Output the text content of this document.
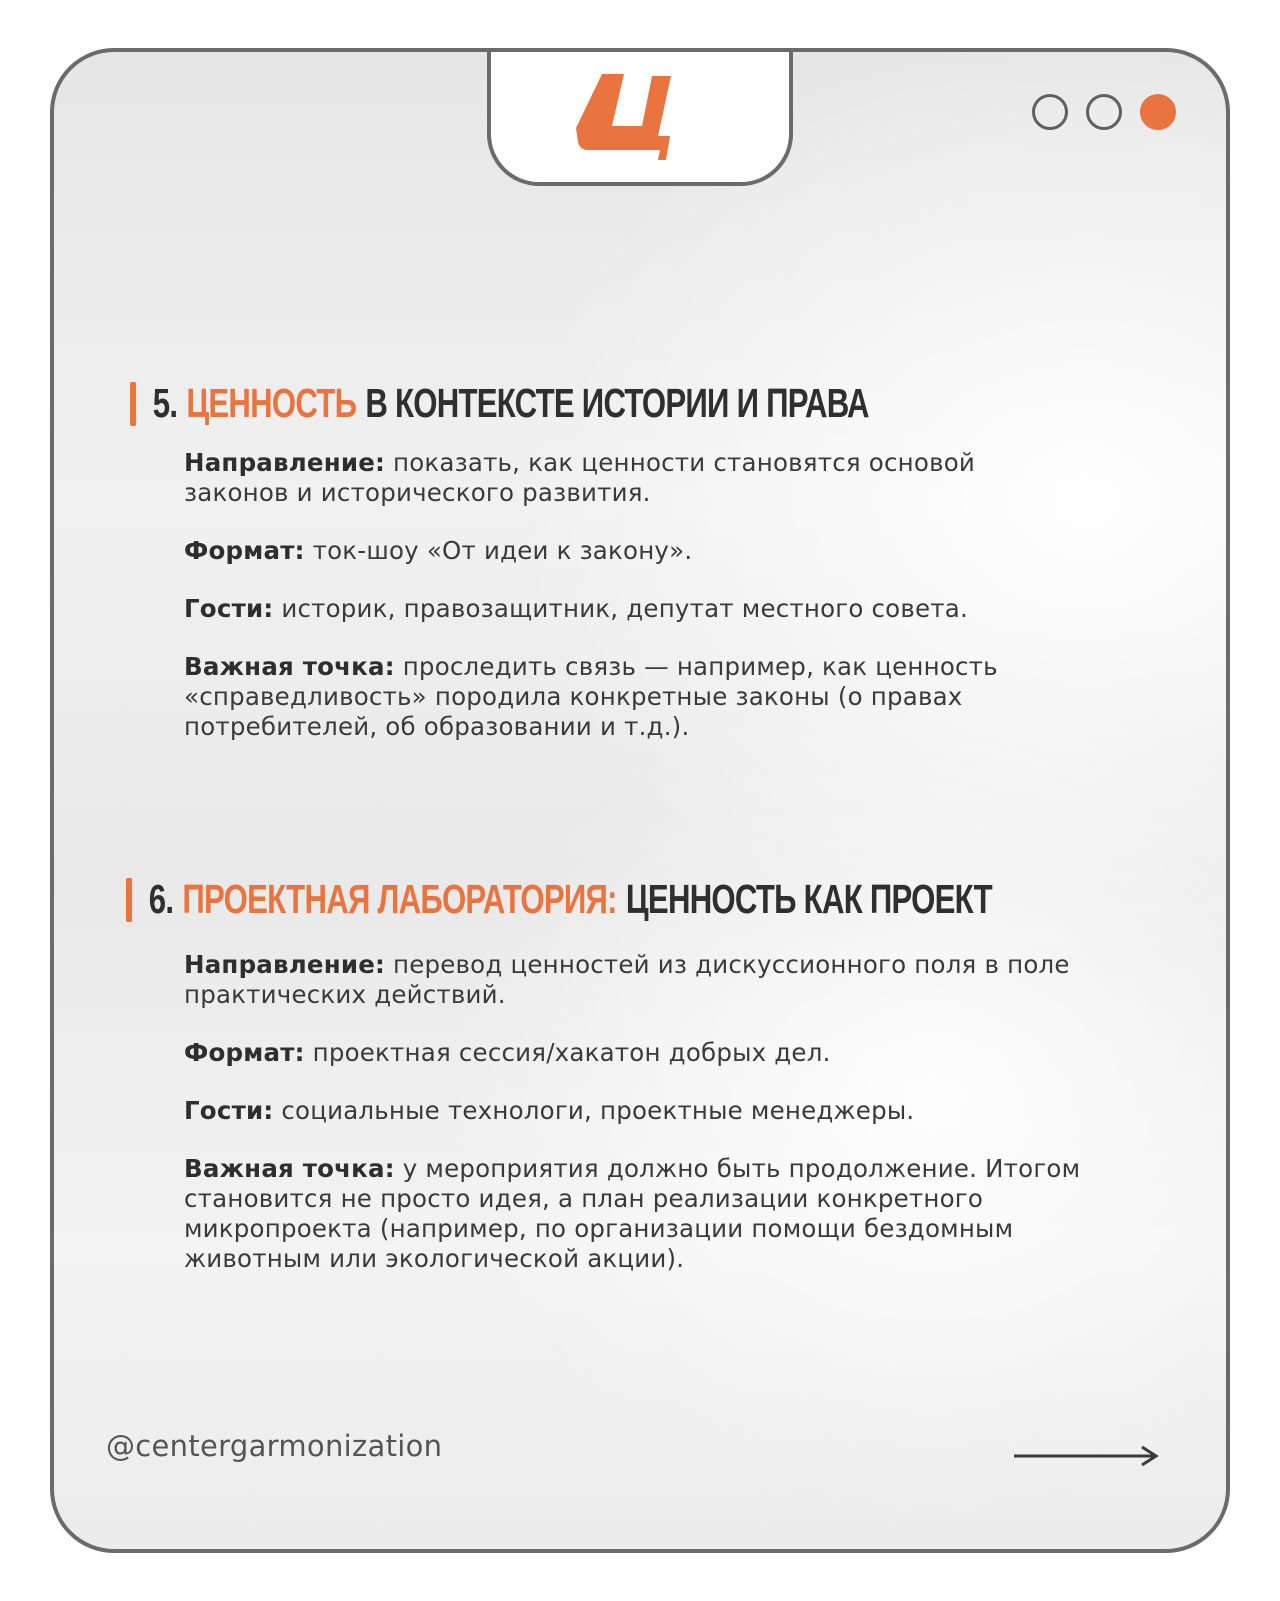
5. ЦЕННОСТЬ В КОНТЕКСТЕ ИСТОРИИ И ПРАВА
Направление: показать, как ценности становятся основой законов и исторического развития.
Формат: ток-шоу «От идеи к закону».
Гости: историк, правозащитник, депутат местного совета.
Важная точка: проследить связь — например, как ценность «справедливость» породила конкретные законы (о правах потребителей, об образовании и т.д.).
6. ПРОЕКТНАЯ ЛАБОРАТОРИЯ: ЦЕННОСТЬ КАК ПРОЕКТ
Направление: перевод ценностей из дискуссионного поля в поле практических действий.
Формат: проектная сессия/хакатон добрых дел.
Гости: социальные технологи, проектные менеджеры.
Важная точка: у мероприятия должно быть продолжение. Итогом становится не просто идея, а план реализации конкретного микропроекта (например, по организации помощи бездомным животным или экологической акции).
@centergarmonization
